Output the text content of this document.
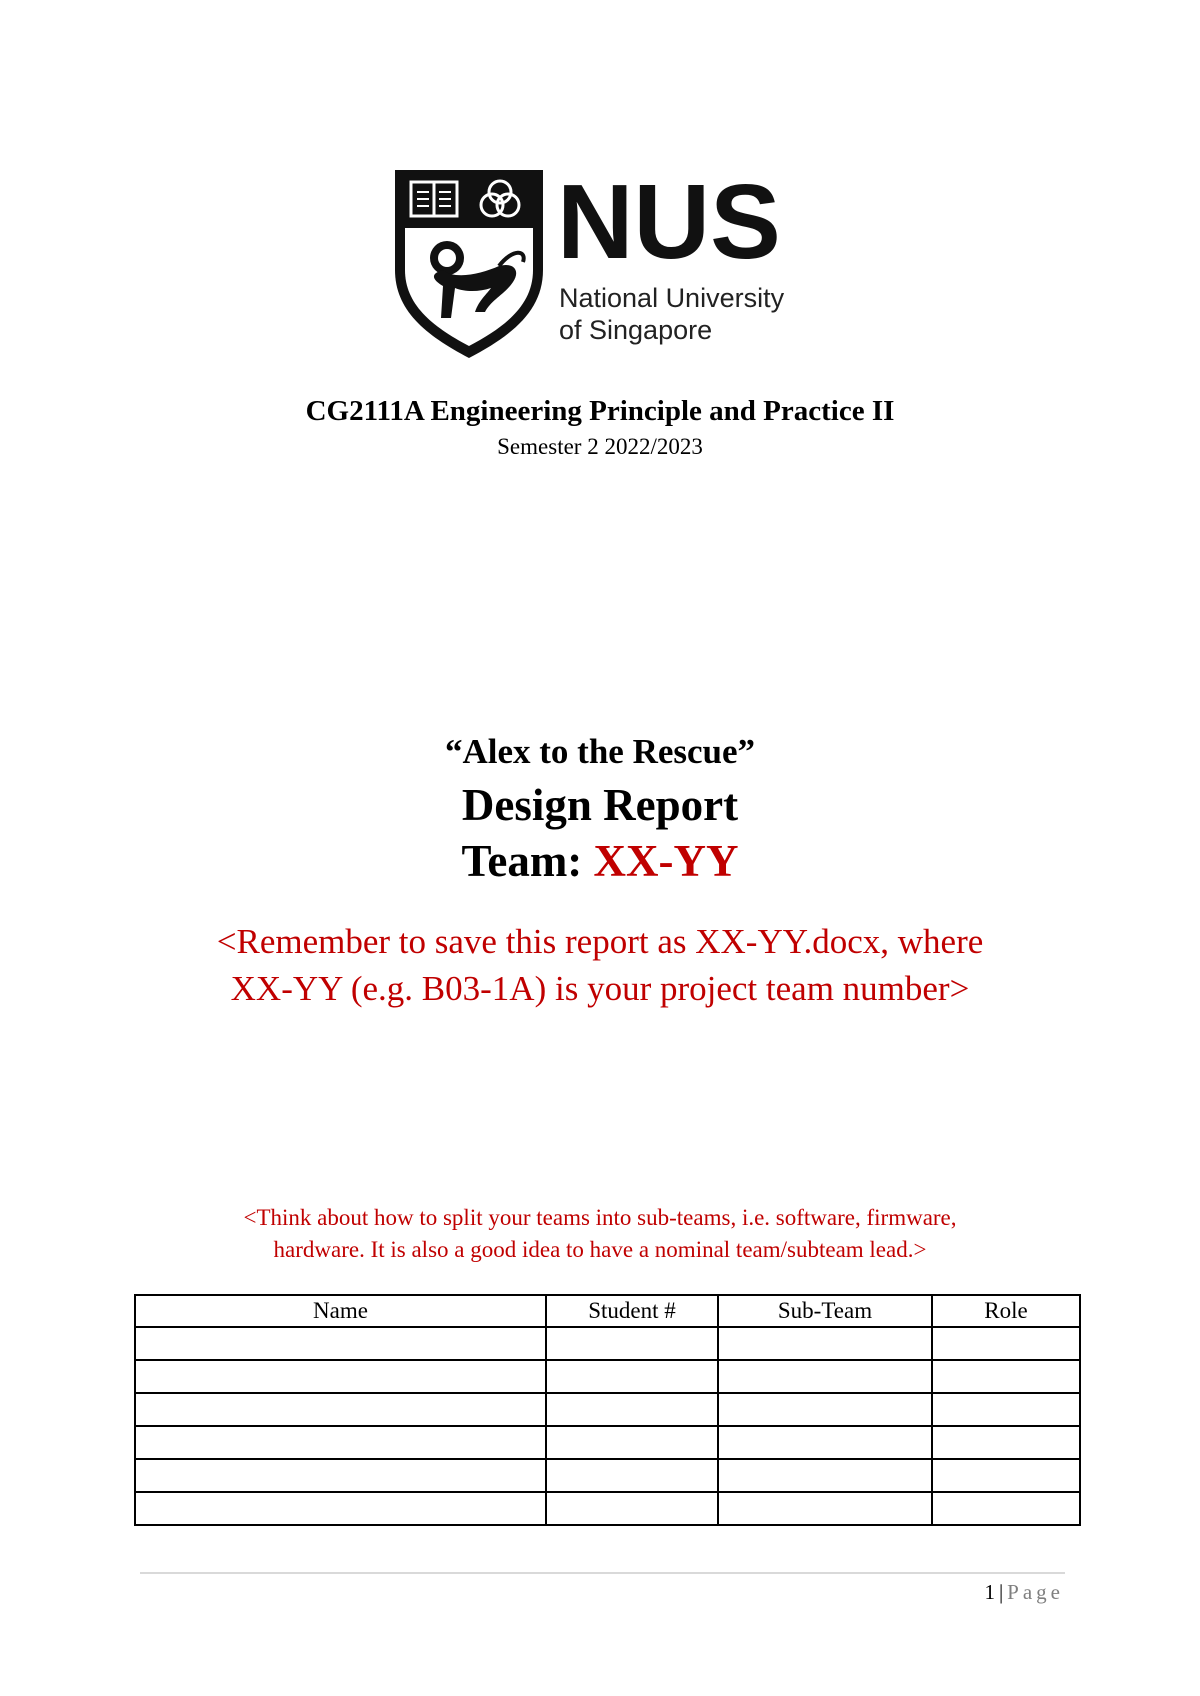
NUS
National University
of Singapore
CG2111A Engineering Principle and Practice II
Semester 2 2022/2023
“Alex to the Rescue”
Design Report
Team: XX-YY
<Remember to save this report as XX-YY.docx, where
XX-YY (e.g. B03-1A) is your project team number>
<Think about how to split your teams into sub-teams, i.e. software, firmware,
hardware. It is also a good idea to have a nominal team/subteam lead.>
Name	Student #	Sub-Team	Role

1 | Page
